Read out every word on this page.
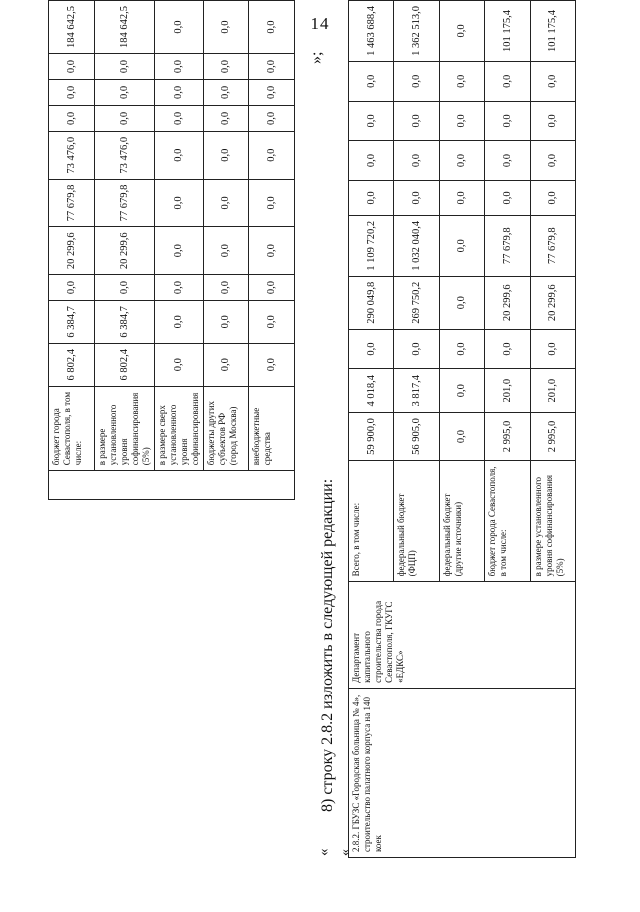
14
	бюджет города Севастополя, в том числе:	6 802,4	6 384,7	0,0	20 299,6	77 679,8	73 476,0	0,0	0,0	0,0	184 642,5
	в размере установленного уровня софинансирования (5%)	6 802,4	6 384,7	0,0	20 299,6	77 679,8	73 476,0	0,0	0,0	0,0	184 642,5
	в размере сверх установленного уровня софинансирования	0,0	0,0	0,0	0,0	0,0	0,0	0,0	0,0	0,0	0,0
	бюджеты других субъектов РФ (город Москва)	0,0	0,0	0,0	0,0	0,0	0,0	0,0	0,0	0,0	0,0
	внебюджетные средства	0,0	0,0	0,0	0,0	0,0	0,0	0,0	0,0	0,0	0,0
8) строку 2.8.2 изложить в следующей редакции:
»;
« «
2.8.2. ГБУЗС «Городская больница № 4», строительство палатного корпуса на 140 коек	Департамент капитального строительства города Севастополя, ГКУГС «ЕДКС»	Всего, в том числе:	59 900,0	4 018,4	0,0	290 049,8	1 109 720,2	0,0	0,0	0,0	0,0	1 463 688,4
		федеральный бюджет (ФЦП)	56 905,0	3 817,4	0,0	269 750,2	1 032 040,4	0,0	0,0	0,0	0,0	1 362 513,0
		федеральный бюджет (другие источники)	0,0	0,0	0,0	0,0	0,0	0,0	0,0	0,0	0,0	0,0
		бюджет города Севастополя, в том числе:	2 995,0	201,0	0,0	20 299,6	77 679,8	0,0	0,0	0,0	0,0	101 175,4
		в размере установленного уровня софинансирования (5%)	2 995,0	201,0	0,0	20 299,6	77 679,8	0,0	0,0	0,0	0,0	101 175,4
